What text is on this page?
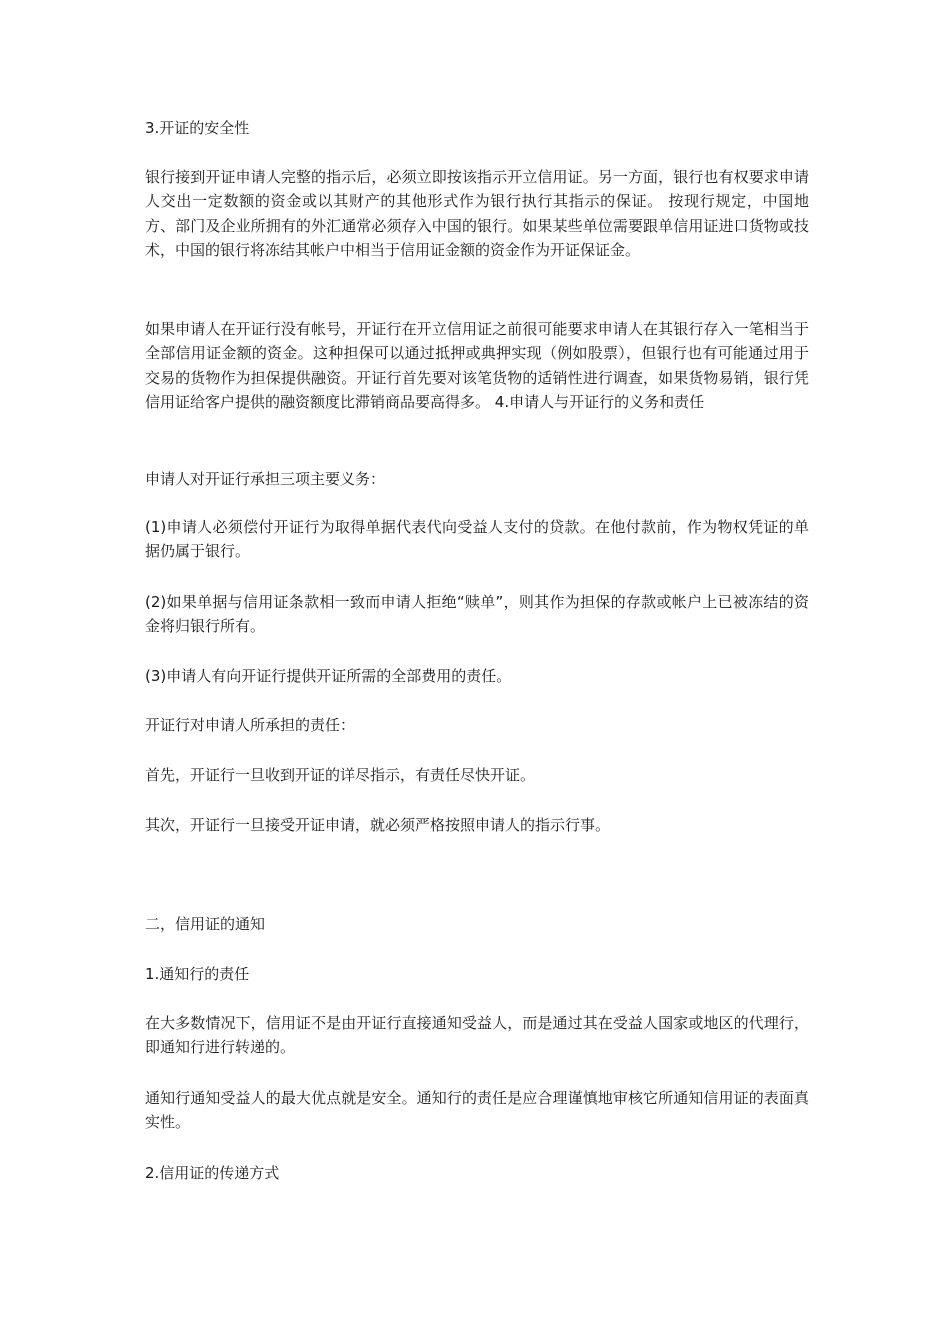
3.开证的安全性

银行接到开证申请人完整的指示后，必须立即按该指示开立信用证。另一方面，银行也有权要求申请人交出一定数额的资金或以其财产的其他形式作为银行执行其指示的保证。 按现行规定，中国地方、部门及企业所拥有的外汇通常必须存入中国的银行。如果某些单位需要跟单信用证进口货物或技术，中国的银行将冻结其帐户中相当于信用证金额的资金作为开证保证金。

如果申请人在开证行没有帐号，开证行在开立信用证之前很可能要求申请人在其银行存入一笔相当于全部信用证金额的资金。这种担保可以通过抵押或典押实现（例如股票），但银行也有可能通过用于交易的货物作为担保提供融资。开证行首先要对该笔货物的适销性进行调查，如果货物易销，银行凭信用证给客户提供的融资额度比滞销商品要高得多。 4.申请人与开证行的义务和责任

申请人对开证行承担三项主要义务：

(1)申请人必须偿付开证行为取得单据代表代向受益人支付的贷款。在他付款前，作为物权凭证的单据仍属于银行。

(2)如果单据与信用证条款相一致而申请人拒绝“赎单”，则其作为担保的存款或帐户上已被冻结的资金将归银行所有。

(3)申请人有向开证行提供开证所需的全部费用的责任。

开证行对申请人所承担的责任：

首先，开证行一旦收到开证的详尽指示，有责任尽快开证。

其次，开证行一旦接受开证申请，就必须严格按照申请人的指示行事。

二，信用证的通知

1.通知行的责任

在大多数情况下，信用证不是由开证行直接通知受益人，而是通过其在受益人国家或地区的代理行，即通知行进行转递的。

通知行通知受益人的最大优点就是安全。通知行的责任是应合理谨慎地审核它所通知信用证的表面真实性。

2.信用证的传递方式
